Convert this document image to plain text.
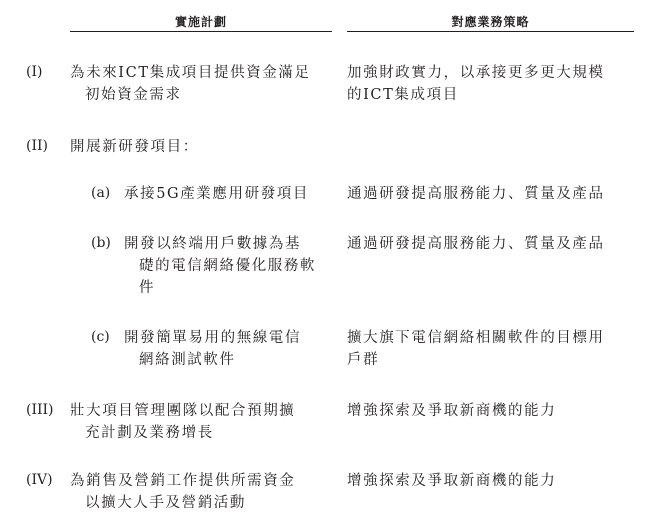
實施計劃	對應業務策略
(I) 為未來ICT集成項目提供資金滿足
初始資金需求
加強財政實力，以承接更多更大規模
的ICT集成項目
(II) 開展新研發項目：
(a) 承接5G產業應用研發項目	通過研發提高服務能力、質量及產品
(b) 開發以終端用戶數據為基
礎的電信網絡優化服務軟
件
通過研發提高服務能力、質量及產品
(c) 開發簡單易用的無線電信
網絡測試軟件
擴大旗下電信網絡相關軟件的目標用
戶群
(III) 壯大項目管理團隊以配合預期擴
充計劃及業務增長
增強探索及爭取新商機的能力
(IV) 為銷售及營銷工作提供所需資金
以擴大人手及營銷活動
增強探索及爭取新商機的能力
